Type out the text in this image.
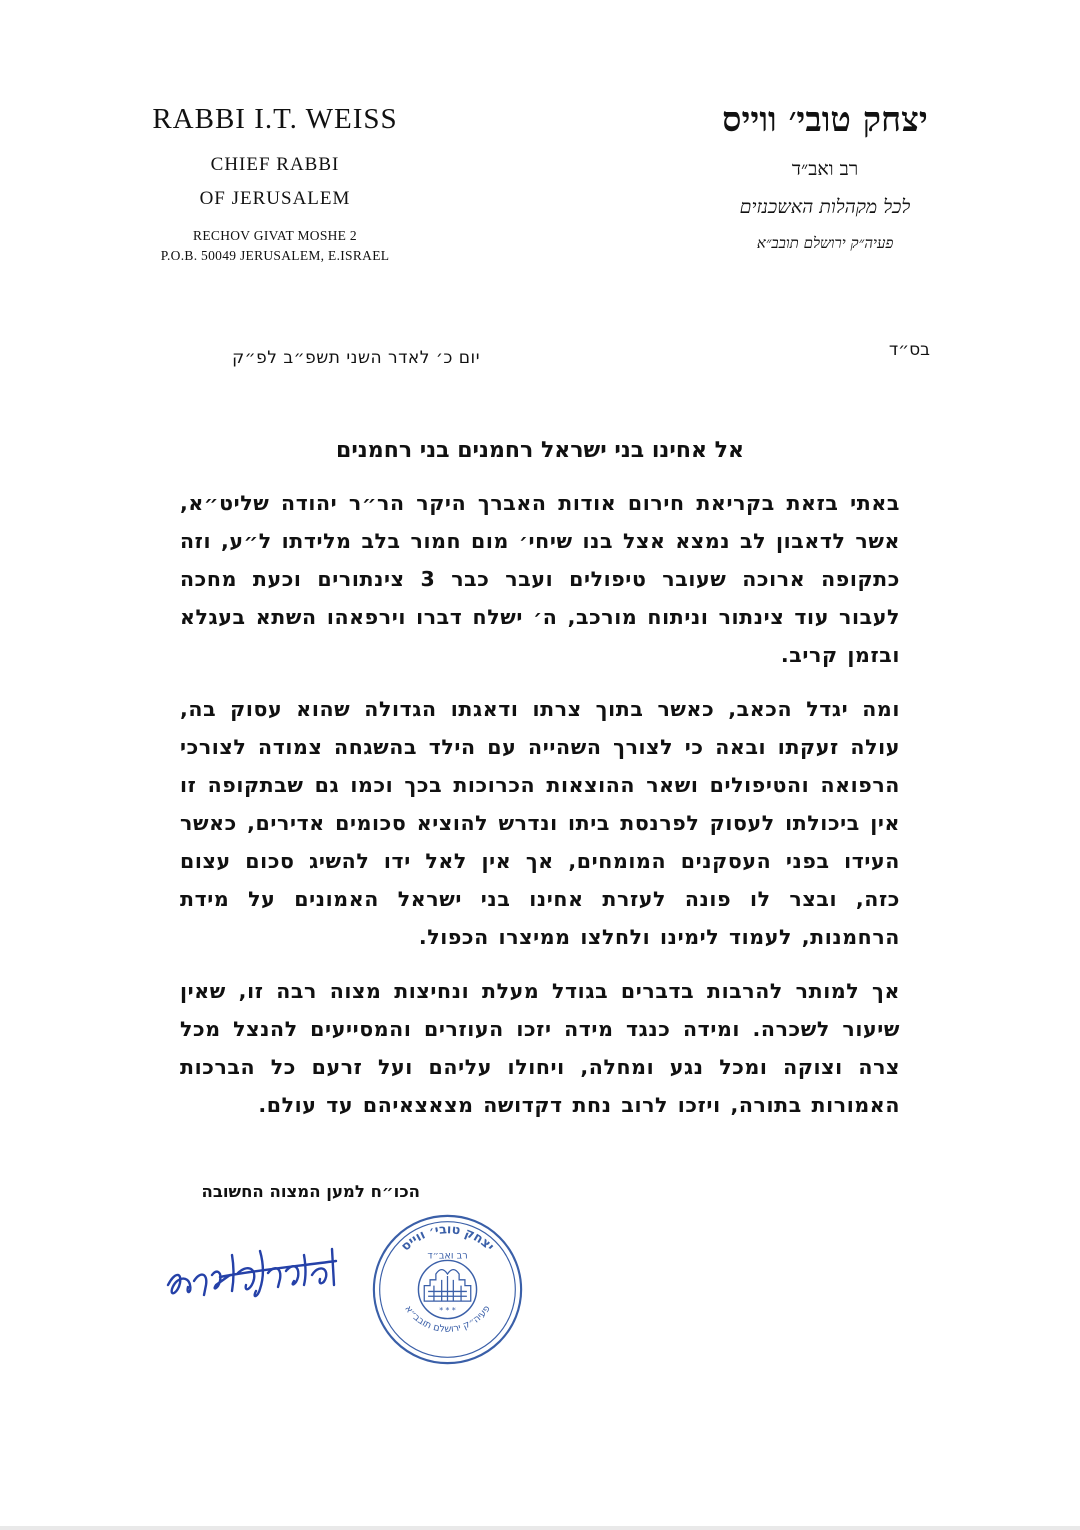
RABBI I.T. WEISS
CHIEF RABBI
OF JERUSALEM
RECHOV GIVAT MOSHE 2
P.O.B. 50049 JERUSALEM, E.ISRAEL
יצחק טובי׳ ווייס
רב ואב״ד
לכל מקהלות האשכנזים
פעיה״ק ירושלם תובב״א
בס״ד
יום כ׳ לאדר השני תשפ״ב לפ״ק
אל אחינו בני ישראל רחמנים בני רחמנים

באתי בזאת בקריאת חירום אודות האברך היקר הר״ר יהודה שליט״א, אשר לדאבון לב נמצא אצל בנו שיחי׳ מום חמור בלב מלידתו ל״ע, וזה כתקופה ארוכה שעובר טיפולים ועבר כבר 3 צינתורים וכעת מחכה לעבור עוד צינתור וניתוח מורכב, ה׳ ישלח דברו וירפאהו השתא בעגלא ובזמן קריב.

ומה יגדל הכאב, כאשר בתוך צרתו ודאגתו הגדולה שהוא עסוק בה, עולה זעקתו ובאה כי לצורך השהייה עם הילד בהשגחה צמודה לצורכי הרפואה והטיפולים ושאר ההוצאות הכרוכות בכך וכמו גם שבתקופה זו אין ביכולתו לעסוק לפרנסת ביתו ונדרש להוציא סכומים אדירים, כאשר העידו בפני העסקנים המומחים, אך אין לאל ידו להשיג סכום עצום כזה, ובצר לו פונה לעזרת אחינו בני ישראל האמונים על מידת הרחמנות, לעמוד לימינו ולחלצו ממיצרו הכפול.

אך למותר להרבות בדברים בגודל מעלת ונחיצות מצוה רבה זו, שאין שיעור לשכרה. ומידה כנגד מידה יזכו העוזרים והמסייעים להנצל מכל צרה וצוקה ומכל נגע ומחלה, ויחולו עליהם ועל זרעם כל הברכות האמורות בתורה, ויזכו לרוב נחת דקדושה מצאצאיהם עד עולם.

הכו״ח למען המצוה החשובה
יצחק טובי׳ ווייס
פעיה״ק ירושלם תובב״א
רב ואב״ד
* * *
